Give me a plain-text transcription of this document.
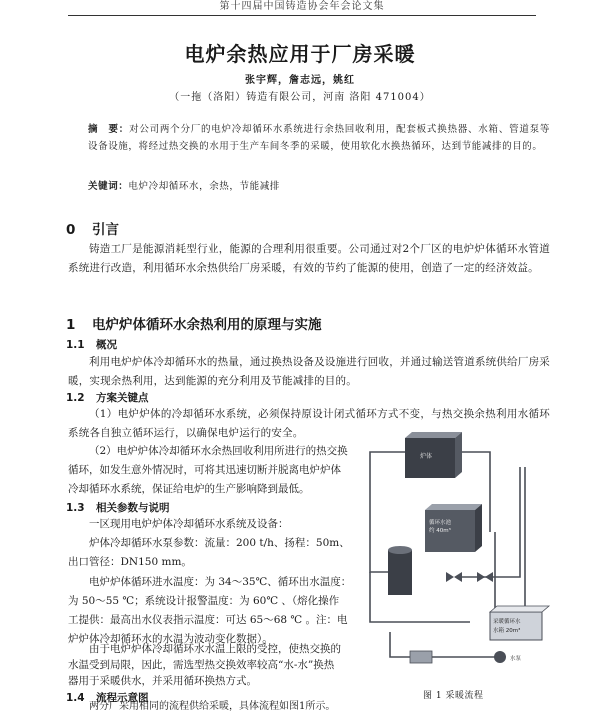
第十四届中国铸造协会年会论文集
电炉余热应用于厂房采暖
张宇辉，詹志远，姚红
（一拖（洛阳）铸造有限公司，河南 洛阳 471004）
摘　要：对公司两个分厂的电炉冷却循环水系统进行余热回收利用，配套板式换热器、水箱、管道泵等设备设施，将经过热交换的水用于生产车间冬季的采暖，使用软化水换热循环，达到节能减排的目的。
关键词：电炉冷却循环水，余热，节能减排
0 引言

铸造工厂是能源消耗型行业，能源的合理利用很重要。公司通过对2个厂区的电炉炉体循环水管道系统进行改造，利用循环水余热供给厂房采暖，有效的节约了能源的使用，创造了一定的经济效益。

1 电炉炉体循环水余热利用的原理与实施
1.1 概况

利用电炉炉体冷却循环水的热量，通过换热设备及设施进行回收，并通过输送管道系统供给厂房采暖，实现余热利用，达到能源的充分利用及节能减排的目的。

1.2 方案关键点

（1）电炉炉体的冷却循环水系统，必须保持原设计闭式循环方式不变，与热交换余热利用水循环系统各自独立循环运行，以确保电炉运行的安全。

（2）电炉炉体冷却循环水余热回收利用所进行的热交换

循环，如发生意外情况时，可将其迅速切断并脱离电炉炉体

冷却循环水系统，保证给电炉的生产影响降到最低。

1.3 相关参数与说明

一区现用电炉炉体冷却循环水系统及设备：

炉体冷却循环水泵参数：流量：200 t/h、扬程：50m、

出口管径：DN150 mm。

电炉炉体循环进水温度：为 34～35℃、循环出水温度：

为 50～55 ℃；系统设计报警温度：为 60℃ 、（熔化操作

工提供：最高出水仪表指示温度：可达 65～68 ℃ 。注：电

炉炉体冷却循环水的水温为波动变化数据）。

由于电炉炉体冷却循环水水温上限的受控，使热交换的

水温受到局限，因此，需选型热交换效率较高“水-水”换热

器用于采暖供水，并采用循环换热方式。

炉体
循环水池
约 40m³
采暖循环水
水箱 20m³
水泵
图 1 采暖流程
1.4 流程示意图

两分厂采用相同的流程供给采暖，具体流程如图1所示。
